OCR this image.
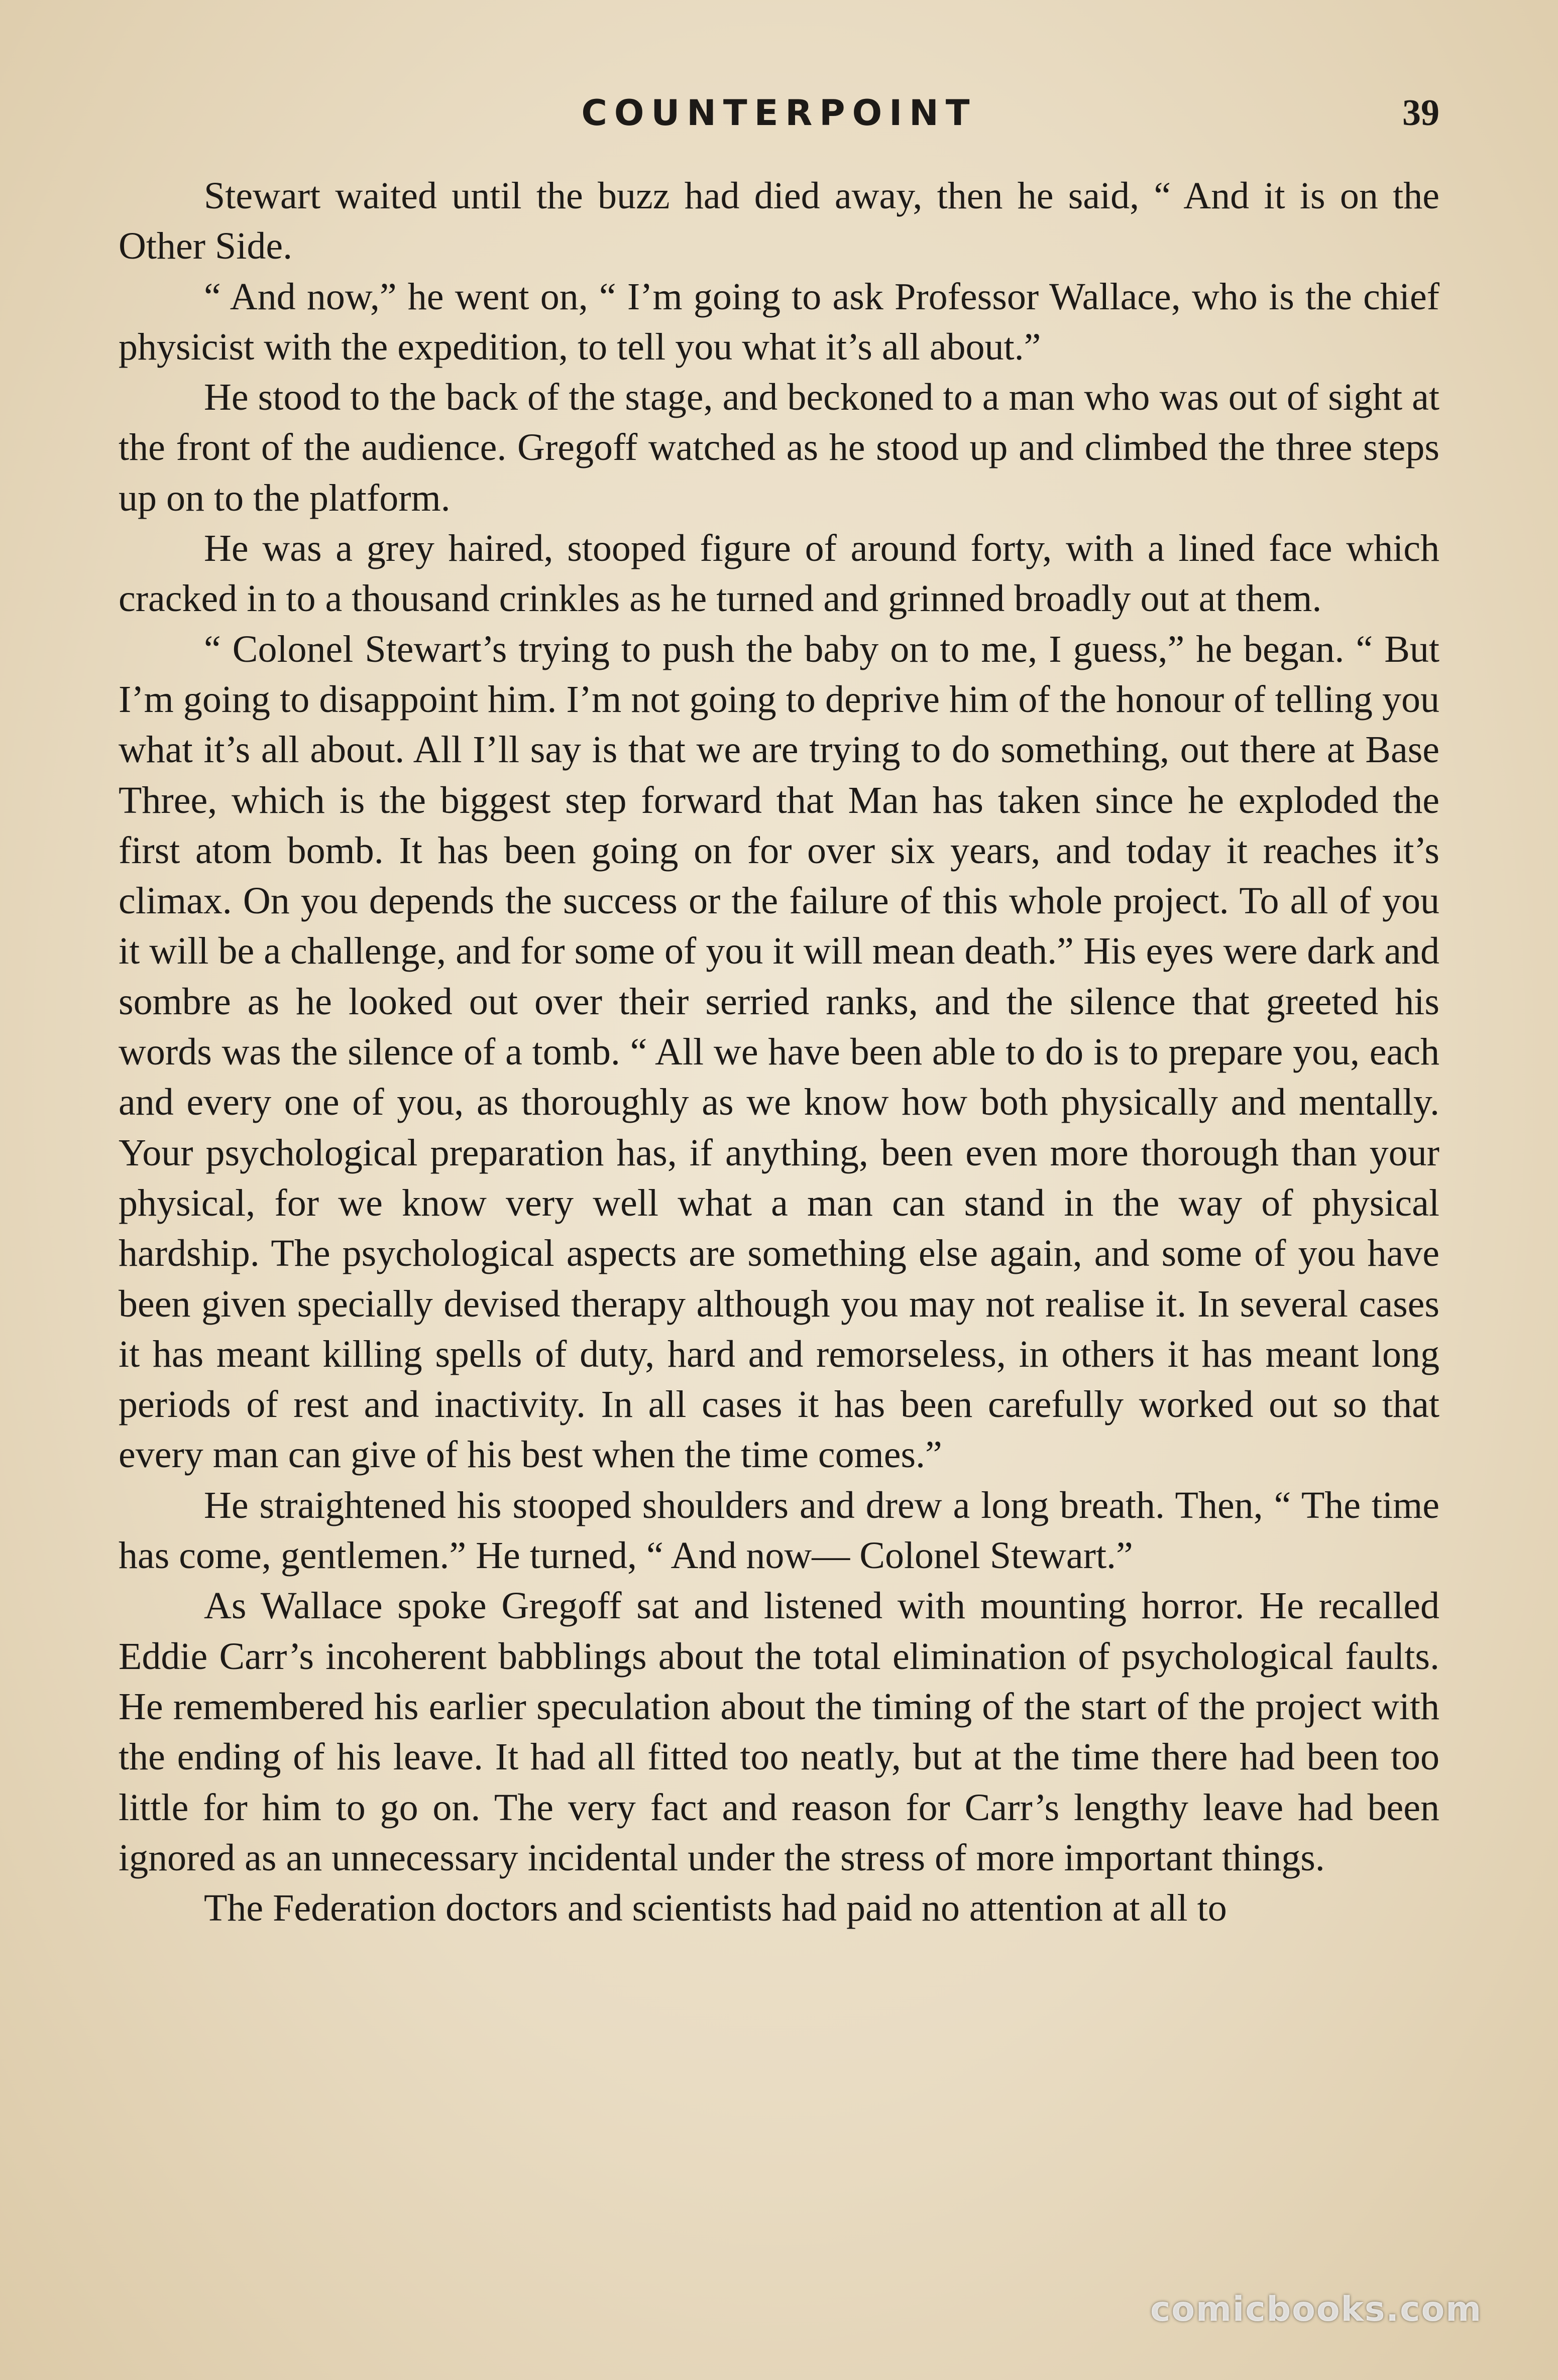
COUNTERPOINT	39

Stewart waited until the buzz had died away, then he said, “ And it is on the Other Side.

“ And now,” he went on, “ I’m going to ask Professor Wallace, who is the chief physicist with the expedition, to tell you what it’s all about.”

He stood to the back of the stage, and beckoned to a man who was out of sight at the front of the audience. Gregoff watched as he stood up and climbed the three steps up on to the platform.

He was a grey haired, stooped figure of around forty, with a lined face which cracked in to a thousand crinkles as he turned and grinned broadly out at them.

“ Colonel Stewart’s trying to push the baby on to me, I guess,” he began. “ But I’m going to disappoint him. I’m not going to deprive him of the honour of telling you what it’s all about. All I’ll say is that we are trying to do something, out there at Base Three, which is the biggest step forward that Man has taken since he exploded the first atom bomb. It has been going on for over six years, and today it reaches it’s climax. On you depends the success or the failure of this whole project. To all of you it will be a challenge, and for some of you it will mean death.” His eyes were dark and sombre as he looked out over their serried ranks, and the silence that greeted his words was the silence of a tomb. “ All we have been able to do is to prepare you, each and every one of you, as thoroughly as we know how both physically and mentally. Your psychological preparation has, if anything, been even more thorough than your physical, for we know very well what a man can stand in the way of physical hardship. The psychological aspects are something else again, and some of you have been given specially devised therapy although you may not realise it. In several cases it has meant killing spells of duty, hard and remorseless, in others it has meant long periods of rest and inactivity. In all cases it has been carefully worked out so that every man can give of his best when the time comes.”

He straightened his stooped shoulders and drew a long breath. Then, “ The time has come, gentlemen.” He turned, “ And now— Colonel Stewart.”

As Wallace spoke Gregoff sat and listened with mounting horror. He recalled Eddie Carr’s incoherent babblings about the total elimination of psychological faults. He remembered his earlier speculation about the timing of the start of the project with the ending of his leave. It had all fitted too neatly, but at the time there had been too little for him to go on. The very fact and reason for Carr’s lengthy leave had been ignored as an unnecessary incidental under the stress of more important things.

The Federation doctors and scientists had paid no attention at all to

comicbooks.com
